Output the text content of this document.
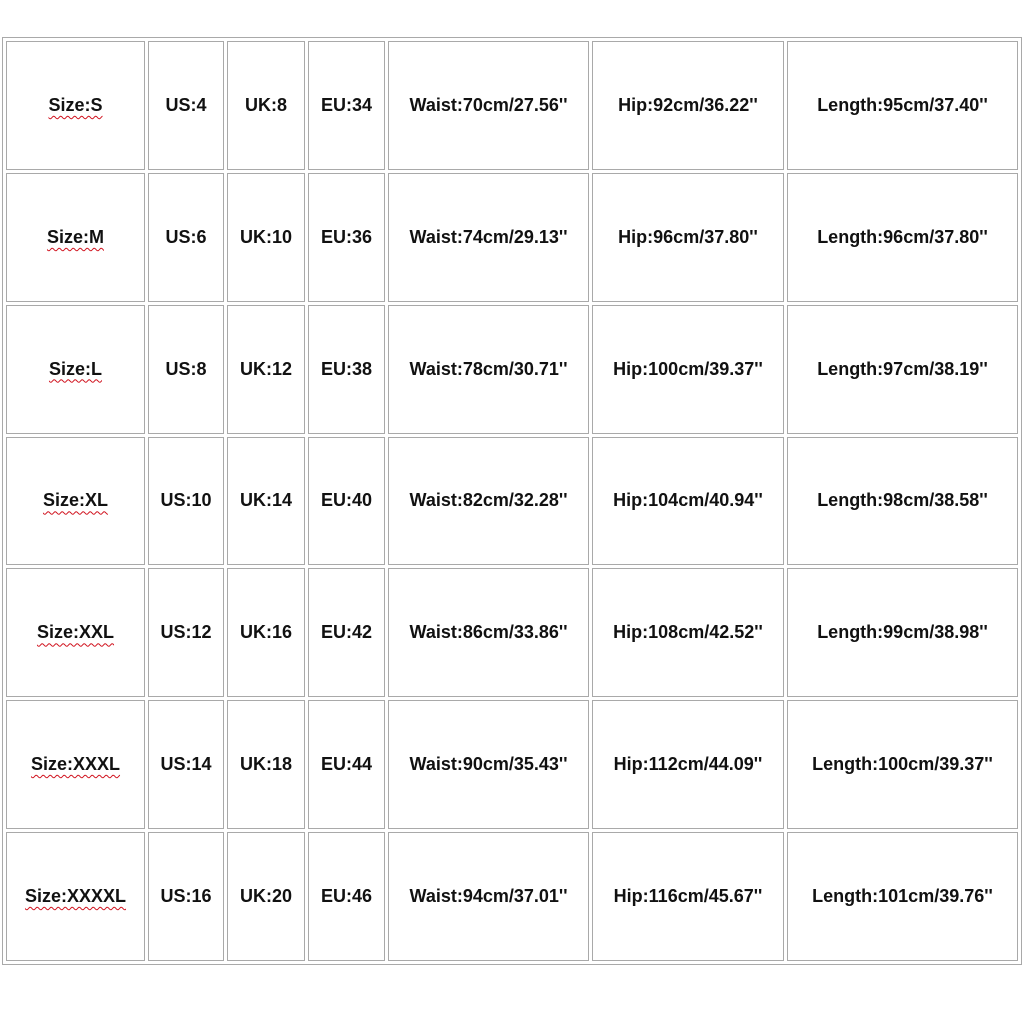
Size:S	US:4	UK:8	EU:34	Waist:70cm/27.56''	Hip:92cm/36.22''	Length:95cm/37.40''
Size:M	US:6	UK:10	EU:36	Waist:74cm/29.13''	Hip:96cm/37.80''	Length:96cm/37.80''
Size:L	US:8	UK:12	EU:38	Waist:78cm/30.71''	Hip:100cm/39.37''	Length:97cm/38.19''
Size:XL	US:10	UK:14	EU:40	Waist:82cm/32.28''	Hip:104cm/40.94''	Length:98cm/38.58''
Size:XXL	US:12	UK:16	EU:42	Waist:86cm/33.86''	Hip:108cm/42.52''	Length:99cm/38.98''
Size:XXXL	US:14	UK:18	EU:44	Waist:90cm/35.43''	Hip:112cm/44.09''	Length:100cm/39.37''
Size:XXXXL	US:16	UK:20	EU:46	Waist:94cm/37.01''	Hip:116cm/45.67''	Length:101cm/39.76''
